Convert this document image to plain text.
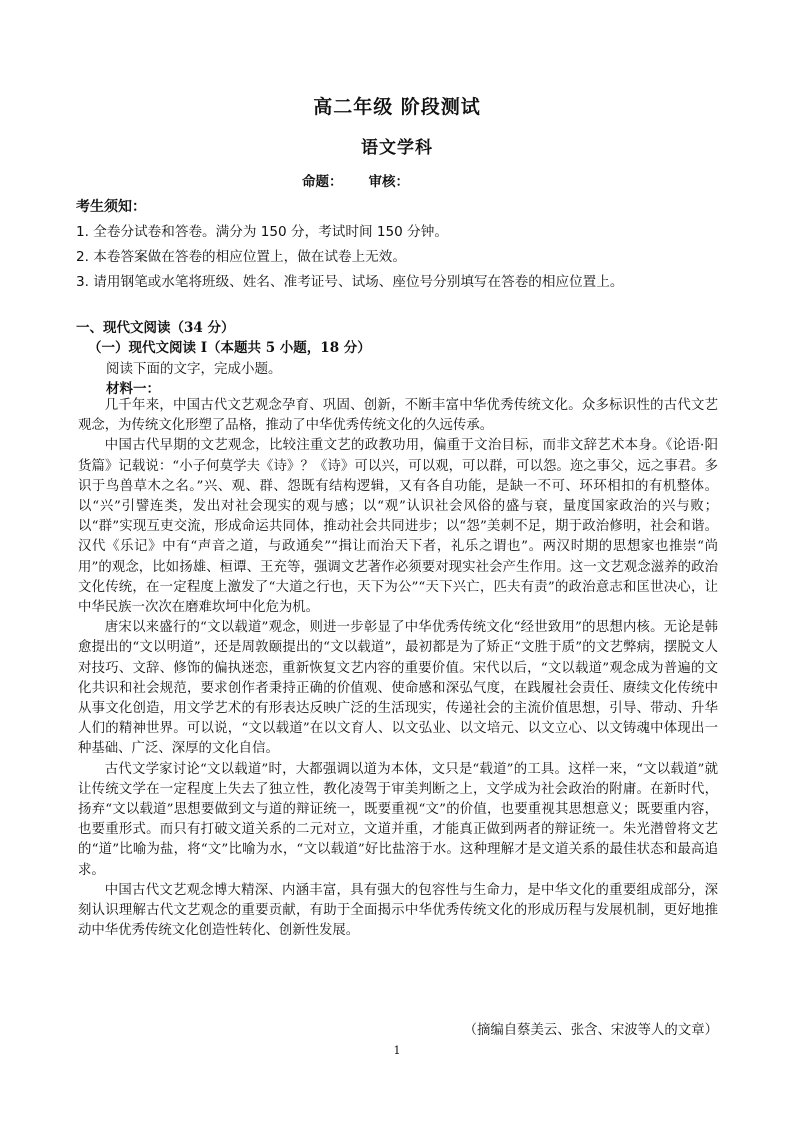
高二年级 阶段测试
语文学科
命题： 审核：
考生须知：
1. 全卷分试卷和答卷。满分为 150 分，考试时间 150 分钟。
2. 本卷答案做在答卷的相应位置上，做在试卷上无效。
3. 请用钢笔或水笔将班级、姓名、准考证号、试场、座位号分别填写在答卷的相应位置上。
一、现代文阅读（34 分）
（一）现代文阅读 I（本题共 5 小题，18 分）
阅读下面的文字，完成小题。
材料一：

几千年来，中国古代文艺观念孕育、巩固、创新，不断丰富中华优秀传统文化。众多标识性的古代文艺观念，为传统文化形塑了品格，推动了中华优秀传统文化的久远传承。

中国古代早期的文艺观念，比较注重文艺的政教功用，偏重于文治目标，而非文辞艺术本身。《论语·阳货篇》记载说：“小子何莫学夫《诗》？《诗》可以兴，可以观，可以群，可以怨。迩之事父，远之事君。多识于鸟兽草木之名。”兴、观、群、怨既有结构逻辑，又有各自功能，是缺一不可、环环相扣的有机整体。以“兴”引譬连类，发出对社会现实的观与感；以“观”认识社会风俗的盛与衰，量度国家政治的兴与败；以“群”实现互吏交流，形成命运共同体，推动社会共同进步；以“怨”美刺不足，期于政治修明，社会和谐。汉代《乐记》中有“声音之道，与政通矣”“揖让而治天下者，礼乐之谓也”。两汉时期的思想家也推崇“尚用”的观念，比如扬雄、桓谭、王充等，强调文艺著作必须要对现实社会产生作用。这一文艺观念滋养的政治文化传统，在一定程度上激发了“大道之行也，天下为公”“天下兴亡，匹夫有责”的政治意志和匡世决心，让中华民族一次次在磨难坎坷中化危为机。

唐宋以来盛行的“文以载道”观念，则进一步彰显了中华优秀传统文化“经世致用”的思想内核。无论是韩愈提出的“文以明道”，还是周敦颐提出的“文以载道”，最初都是为了矫正“文胜于质”的文艺弊病，摆脱文人对技巧、文辞、修饰的偏执迷恋，重新恢复文艺内容的重要价值。宋代以后，“文以载道”观念成为普遍的文化共识和社会规范，要求创作者秉持正确的价值观、使命感和深弘气度，在践履社会责任、赓续文化传统中从事文化创造，用文学艺术的有形表达反映广泛的生活现实，传递社会的主流价值思想，引导、带动、升华人们的精神世界。可以说，“文以载道”在以文育人、以文弘业、以文培元、以文立心、以文铸魂中体现出一种基础、广泛、深厚的文化自信。

古代文学家讨论“文以载道”时，大都强调以道为本体，文只是“载道”的工具。这样一来，“文以载道”就让传统文学在一定程度上失去了独立性，教化凌驾于审美判断之上，文学成为社会政治的附庸。在新时代，扬弃“文以载道”思想要做到文与道的辩证统一，既要重视“文”的价值，也要重视其思想意义；既要重内容，也要重形式。而只有打破文道关系的二元对立，文道并重，才能真正做到两者的辩证统一。朱光潜曾将文艺的“道”比喻为盐，将“文”比喻为水，“文以载道”好比盐溶于水。这种理解才是文道关系的最佳状态和最高追求。

中国古代文艺观念博大精深、内涵丰富，具有强大的包容性与生命力，是中华文化的重要组成部分，深刻认识理解古代文艺观念的重要贡献，有助于全面揭示中华优秀传统文化的形成历程与发展机制，更好地推动中华优秀传统文化创造性转化、创新性发展。

（摘编自蔡美云、张含、宋波等人的文章）
1
